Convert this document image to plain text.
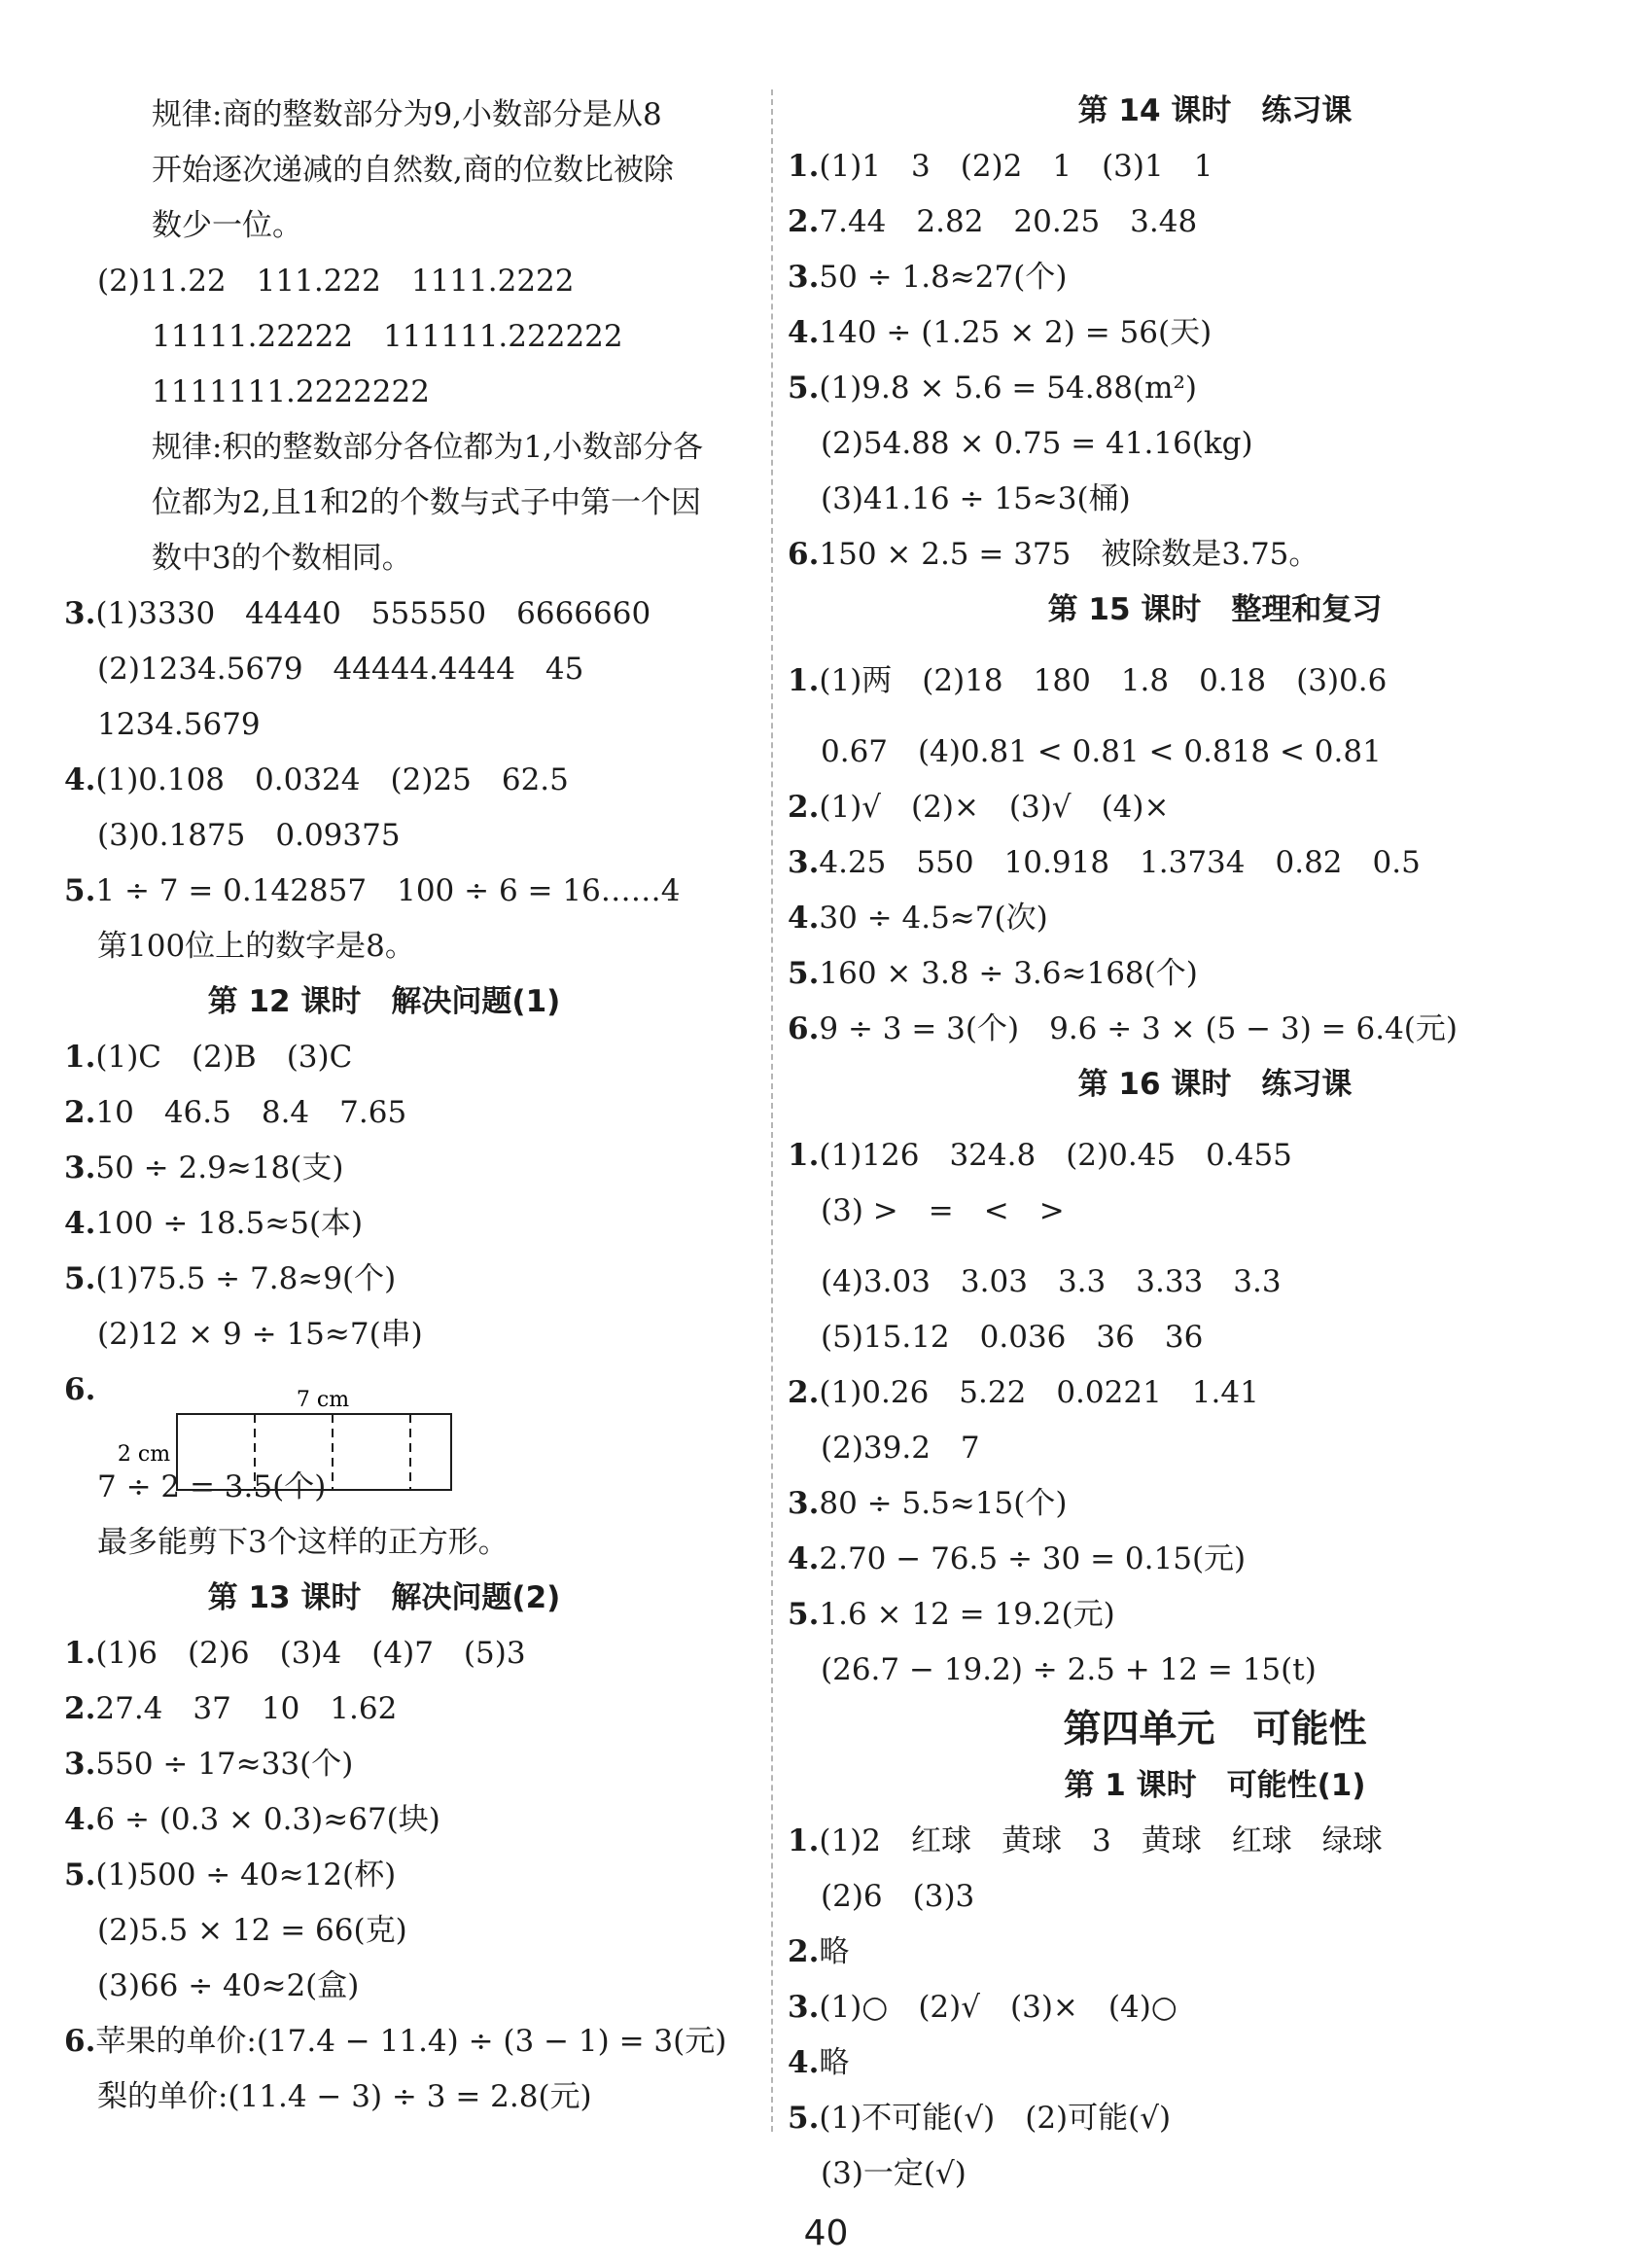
规律:商的整数部分为9,小数部分是从8
开始逐次递减的自然数,商的位数比被除
数少一位。
(2)11.22　111.222　1111.2222
11111.22222　111111.222222
1111111.2222222
规律:积的整数部分各位都为1,小数部分各
位都为2,且1和2的个数与式子中第一个因
数中3的个数相同。
3.(1)3330　44440　555550　6666660
(2)1234.5679　44444.4444　45
1234.5679
4.(1)0.108　0.0324　(2)25　62.5
(3)0.1875　0.09375
5.1 ÷ 7 = 0.142857　100 ÷ 6 = 16……4
第100位上的数字是8。
第 12 课时　解决问题(1)
1.(1)C　(2)B　(3)C
2.10　46.5　8.4　7.65
3.50 ÷ 2.9≈18(支)
4.100 ÷ 18.5≈5(本)
5.(1)75.5 ÷ 7.8≈9(个)
(2)12 × 9 ÷ 15≈7(串)
6.
7 ÷ 2 = 3.5(个)
最多能剪下3个这样的正方形。
第 13 课时　解决问题(2)
1.(1)6　(2)6　(3)4　(4)7　(5)3
2.27.4　37　10　1.62
3.550 ÷ 17≈33(个)
4.6 ÷ (0.3 × 0.3)≈67(块)
5.(1)500 ÷ 40≈12(杯)
(2)5.5 × 12 = 66(克)
(3)66 ÷ 40≈2(盒)
6.苹果的单价:(17.4 − 11.4) ÷ (3 − 1) = 3(元)
梨的单价:(11.4 − 3) ÷ 3 = 2.8(元)
第 14 课时　练习课
1.(1)1　3　(2)2　1　(3)1　1
2.7.44　2.82　20.25　3.48
3.50 ÷ 1.8≈27(个)
4.140 ÷ (1.25 × 2) = 56(天)
5.(1)9.8 × 5.6 = 54.88(m²)
(2)54.88 × 0.75 = 41.16(kg)
(3)41.16 ÷ 15≈3(桶)
6.150 × 2.5 = 375　被除数是3.75。
第 15 课时　整理和复习
1.(1)两　(2)18　180　1.8　0.18　(3)0.6
0.67　(4)0.81 < 0.81 < 0.818 < 0.81
2.(1)√　(2)×　(3)√　(4)×
3.4.25　550　10.918　1.3734　0.82　0.5
4.30 ÷ 4.5≈7(次)
5.160 × 3.8 ÷ 3.6≈168(个)
6.9 ÷ 3 = 3(个)　9.6 ÷ 3 × (5 − 3) = 6.4(元)
第 16 课时　练习课
1.(1)126　324.8　(2)0.45　0.455
(3) >　=　<　>
(4)3.03　3.03　3.3　3.33　3.3
(5)15.12　0.036　36　36
2.(1)0.26　5.22　0.0221　1.41
(2)39.2　7
3.80 ÷ 5.5≈15(个)
4.2.70 − 76.5 ÷ 30 = 0.15(元)
5.1.6 × 12 = 19.2(元)
(26.7 − 19.2) ÷ 2.5 + 12 = 15(t)
第四单元　可能性
第 1 课时　可能性(1)
1.(1)2　红球　黄球　3　黄球　红球　绿球
(2)6　(3)3
2.略
3.(1)○　(2)√　(3)×　(4)○
4.略
5.(1)不可能(√)　(2)可能(√)
(3)一定(√)
7 cm
2 cm
40
